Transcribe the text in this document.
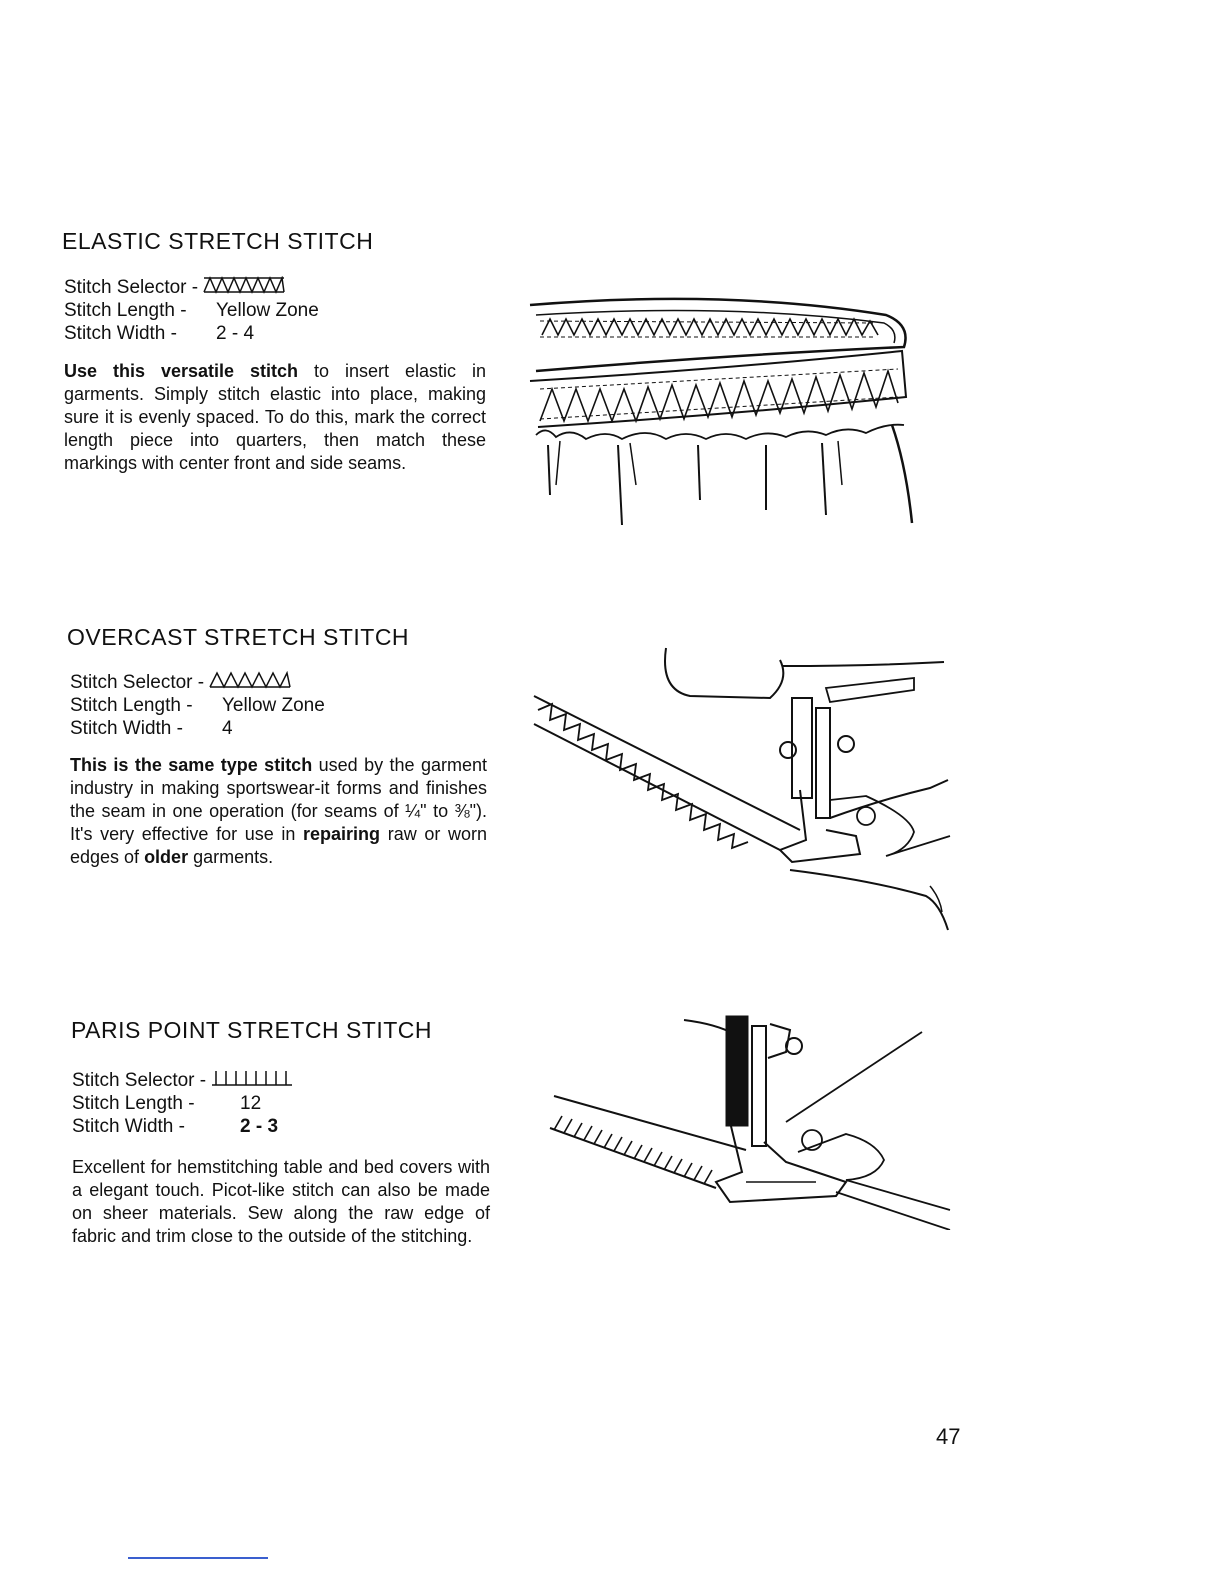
ELASTIC STRETCH STITCH
Stitch Selector -
Stitch Length -	Yellow Zone
Stitch Width -	2 - 4
Use this versatile stitch to insert elastic in garments. Simply stitch elastic into place, making sure it is evenly spaced. To do this, mark the correct length piece into quarters, then match these markings with center front and side seams.
OVERCAST STRETCH STITCH
Stitch Selector -
Stitch Length -	Yellow Zone
Stitch Width -	4
This is the same type stitch used by the garment industry in making sportswear-it forms and finishes the seam in one operation (for seams of ¼" to ⅜"). It's very effective for use in repairing raw or worn edges of older garments.
PARIS POINT STRETCH STITCH
Stitch Selector -
Stitch Length -	12
Stitch Width -	2 - 3
Excellent for hemstitching table and bed covers with a elegant touch. Picot-like stitch can also be made on sheer materials. Sew along the raw edge of fabric and trim close to the outside of the stitching.
47
